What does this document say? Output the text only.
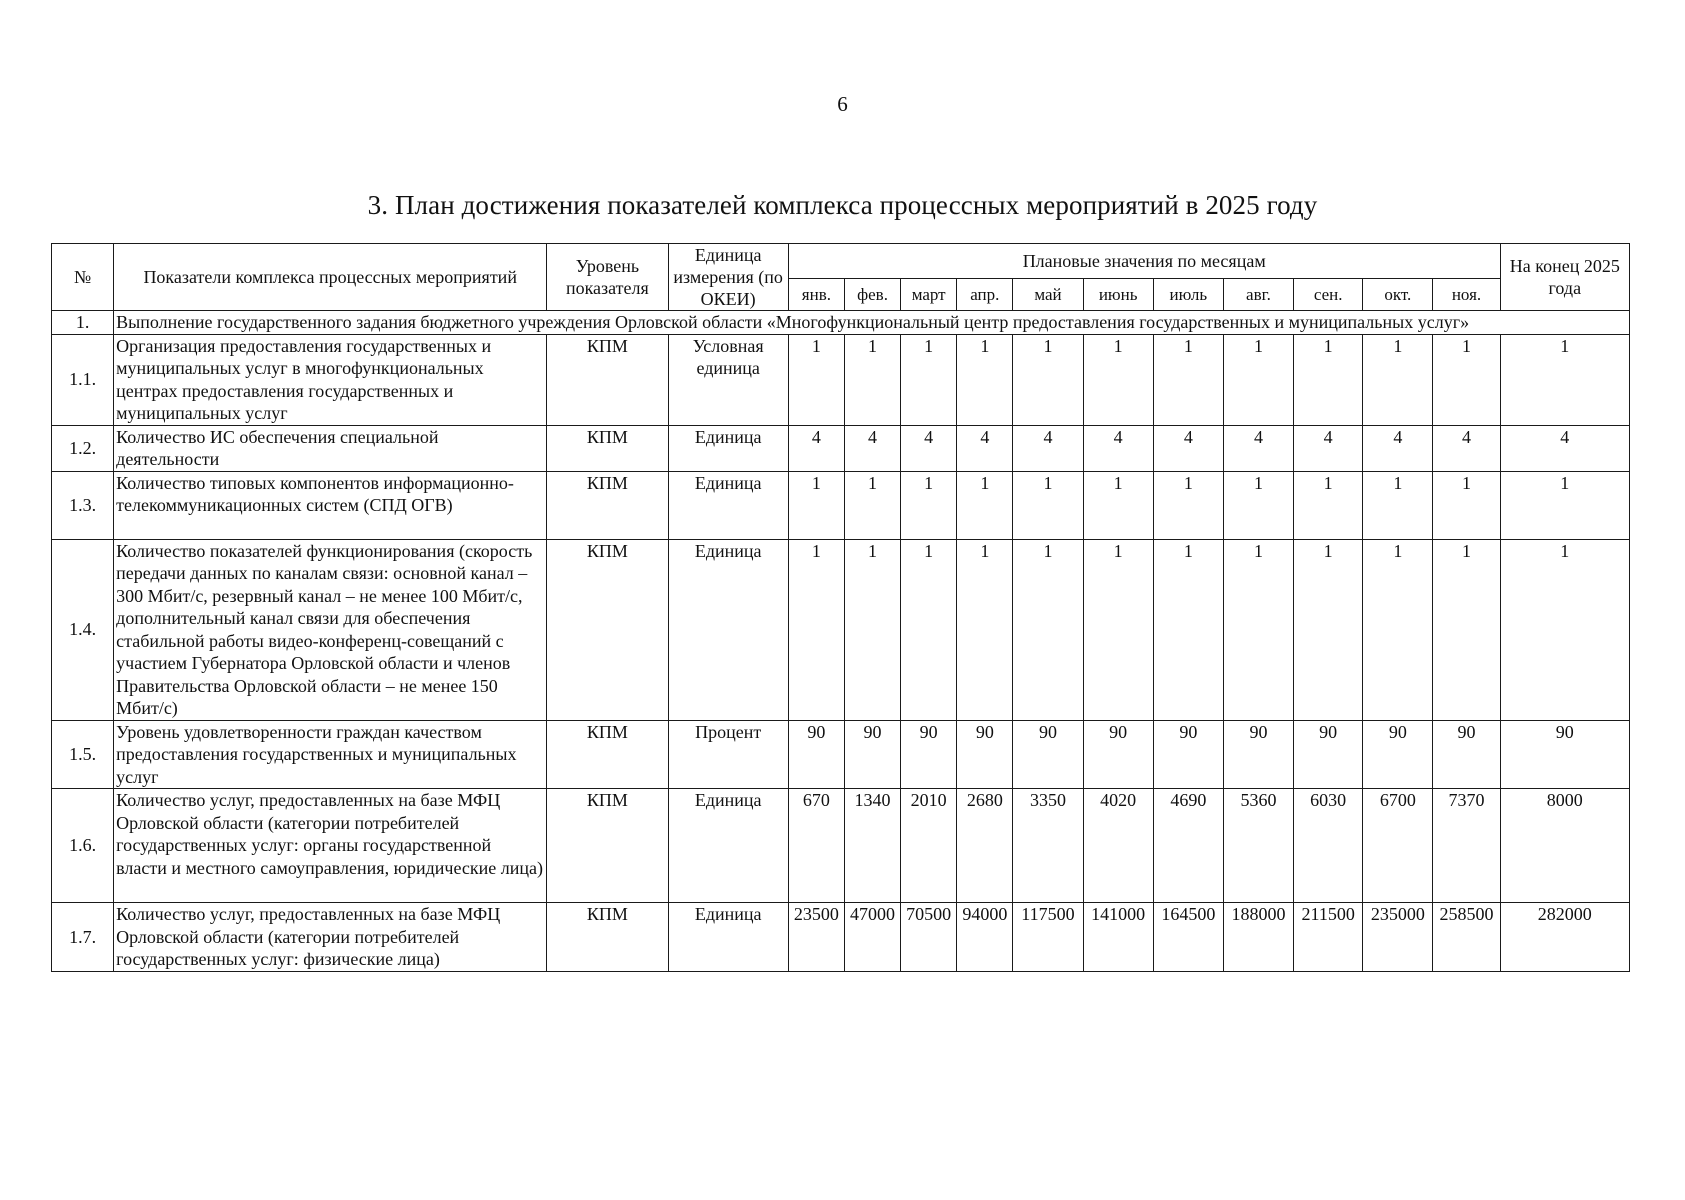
6
3. План достижения показателей комплекса процессных мероприятий в 2025 году
№	Показатели комплекса процессных мероприятий	Уровень показателя	Единица измерения (по ОКЕИ)	Плановые значения по месяцам											На конец 2025 года
				янв.	фев.	март	апр.	май	июнь	июль	авг.	сен.	окт.	ноя.	
1.	Выполнение государственного задания бюджетного учреждения Орловской области «Многофункциональный центр предоставления государственных и муниципальных услуг»														
1.1.	Организация предоставления государственных и муниципальных услуг в многофункциональных центрах предоставления государственных и муниципальных услуг	КПМ	Условная единица	1	1	1	1	1	1	1	1	1	1	1	1
1.2.	Количество ИС обеспечения специальной деятельности	КПМ	Единица	4	4	4	4	4	4	4	4	4	4	4	4
1.3.	Количество типовых компонентов информационно-телекоммуникационных систем (СПД ОГВ)	КПМ	Единица	1	1	1	1	1	1	1	1	1	1	1	1
1.4.	Количество показателей функционирования (скорость передачи данных по каналам связи: основной канал – 300 Мбит/с, резервный канал – не менее 100 Мбит/с, дополнительный канал связи для обеспечения стабильной работы видео-конференц-совещаний с участием Губернатора Орловской области и членов Правительства Орловской области – не менее 150 Мбит/с)	КПМ	Единица	1	1	1	1	1	1	1	1	1	1	1	1
1.5.	Уровень удовлетворенности граждан качеством предоставления государственных и муниципальных услуг	КПМ	Процент	90	90	90	90	90	90	90	90	90	90	90	90
1.6.	Количество услуг, предоставленных на базе МФЦ Орловской области (категории потребителей государственных услуг: органы государственной власти и местного самоуправления, юридические лица)	КПМ	Единица	670	1340	2010	2680	3350	4020	4690	5360	6030	6700	7370	8000
1.7.	Количество услуг, предоставленных на базе МФЦ Орловской области (категории потребителей государственных услуг: физические лица)	КПМ	Единица	23500	47000	70500	94000	117500	141000	164500	188000	211500	235000	258500	282000
